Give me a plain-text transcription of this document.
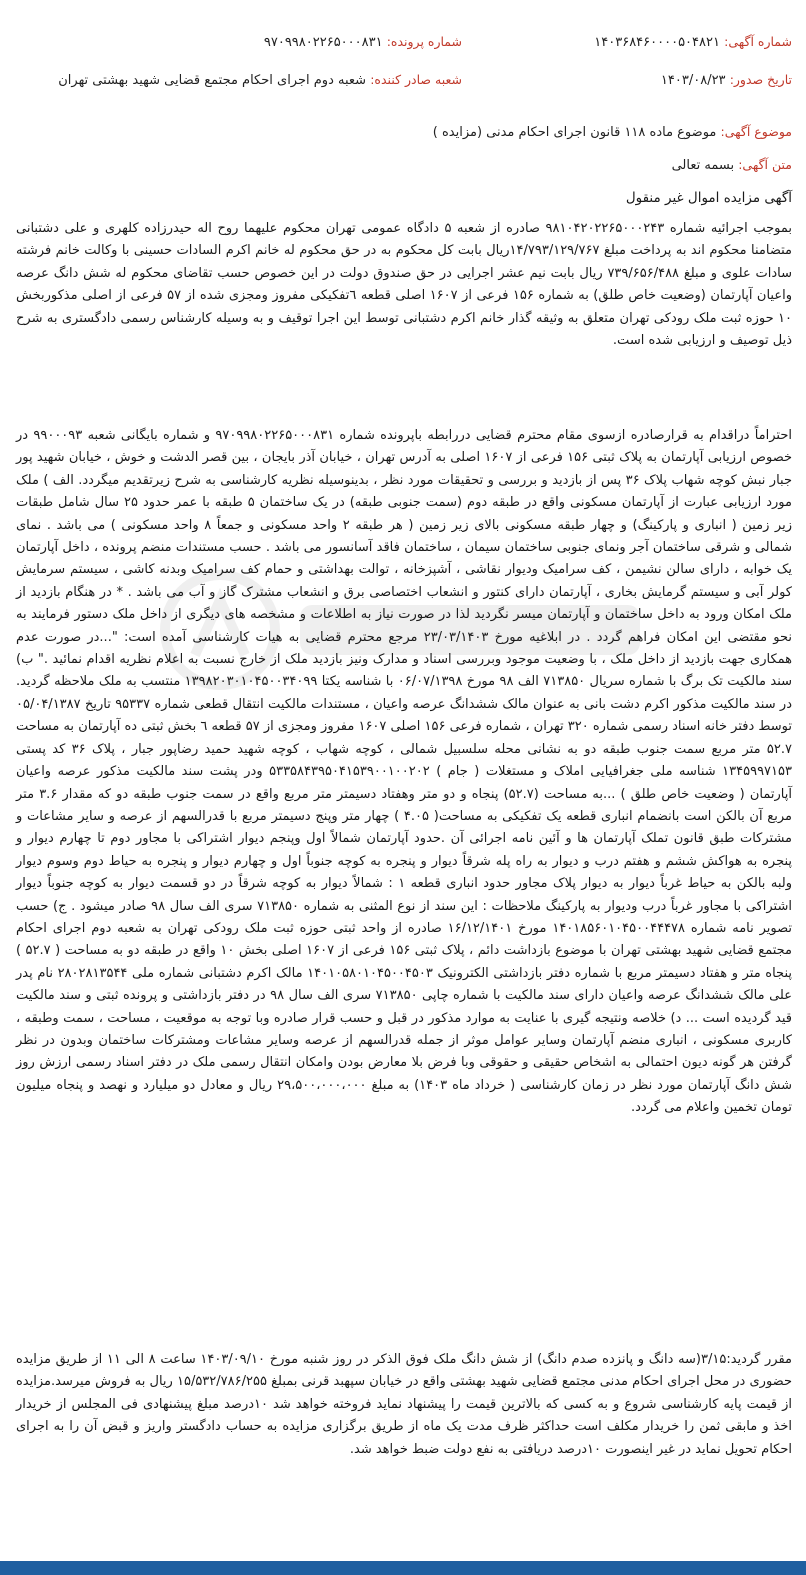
شماره آگهی: ۱۴۰۳۶۸۴۶۰۰۰۰۵۰۴۸۲۱
شماره پرونده: ۹۷۰۹۹۸۰۲۲۶۵۰۰۰۸۳۱
تاریخ صدور: ۱۴۰۳/۰۸/۲۳
شعبه صادر کننده: شعبه دوم اجرای احکام مجتمع قضایی شهید بهشتی تهران
موضوع آگهی: موضوع ماده ۱۱۸ قانون اجرای احکام مدنی (مزایده )
متن آگهی: بسمه تعالی
آگهی مزایده اموال غیر منقول

بموجب اجرائیه شماره ۹۸۱۰۴۲۰۲۲۶۵۰۰۰۲۴۳ صادره از شعبه ۵ دادگاه عمومی تهران محکوم علیهما روح اله حیدرزاده کلهری و علی دشتبانی متضامنا محکوم اند به پرداخت مبلغ ۱۴/۷۹۳/۱۲۹/۷۶۷ریال بابت کل محکوم به در حق محکوم له خانم اکرم السادات حسینی با وکالت خانم فرشته سادات علوی و مبلغ ۷۳۹/۶۵۶/۴۸۸ ریال بابت نیم عشر اجرایی در حق صندوق دولت در این خصوص حسب تقاضای محکوم له شش دانگ عرصه واعیان آپارتمان (وضعیت خاص طلق) به شماره ۱۵۶ فرعی از ۱۶۰۷ اصلی قطعه ٦تفکیکی مفروز ومجزی شده از ۵۷ فرعی از اصلی مذکوربخش ۱۰ حوزه ثبت ملک رودکی تهران متعلق به وثیقه گذار خانم اکرم دشتبانی توسط این اجرا توقیف و به وسیله کارشناس رسمی دادگستری به شرح ذیل توصیف و ارزیابی شده است.

احتراماً دراقدام به قرارصادره ازسوی مقام محترم قضایی دررابطه باپرونده شماره ۹۷۰۹۹۸۰۲۲۶۵۰۰۰۸۳۱ و شماره بایگانی شعبه ۹۹۰۰۰۹۳ در خصوص ارزیابی آپارتمان به پلاک ثبتی ۱۵۶ فرعی از ۱۶۰۷ اصلی به آدرس تهران ، خیابان آذر بایجان ، بین قصر الدشت و خوش ، خیابان شهید پور جبار نبش کوچه شهاب پلاک ۳۶ پس از بازدید و بررسی و تحقیقات مورد نظر ، بدینوسیله نظریه کارشناسی به شرح زیرتقدیم میگردد. الف ) ملک مورد ارزیابی عبارت از آپارتمان مسکونی واقع در طبقه دوم (سمت جنوبی طبقه) در یک ساختمان ۵ طبقه با عمر حدود ۲۵ سال شامل طبقات زیر زمین ( انباری و پارکینگ) و چهار طبقه مسکونی بالای زیر زمین ( هر طبقه ۲ واحد مسکونی و جمعاً ۸ واحد مسکونی ) می باشد . نمای شمالی و شرقی ساختمان آجر ونمای جنوبی ساختمان سیمان ، ساختمان فاقد آسانسور می باشد . حسب مستندات منضم پرونده ، داخل آپارتمان یک خوابه ، دارای سالن نشیمن ، کف سرامیک ودیوار نقاشی ، آشپزخانه ، توالت بهداشتی و حمام کف سرامیک وبدنه کاشی ، سیستم سرمایش کولر آبی و سیستم گرمایش بخاری ، آپارتمان دارای کنتور و انشعاب اختصاصی برق و انشعاب مشترک گاز و آب می باشد . * در هنگام بازدید از ملک امکان ورود به داخل ساختمان و آپارتمان میسر نگردید لذا در صورت نیاز به اطلاعات و مشخصه های دیگری از داخل ملک دستور فرمایند به نحو مقتضی این امکان فراهم گردد . در ابلاغیه مورخ ۲۳/۰۳/۱۴۰۳ مرجع محترم قضایی به هیات کارشناسی آمده است: "...در صورت عدم همکاری جهت بازدید از داخل ملک ، با وضعیت موجود وبررسی اسناد و مدارک ونیز بازدید ملک از خارج نسبت به اعلام نظریه اقدام نمائید ." ب) سند مالکیت تک برگ با شماره سریال ۷۱۳۸۵۰ الف ۹۸ مورخ ۰۶/۰۷/۱۳۹۸ با شناسه یکتا ۱۳۹۸۲۰۳۰۱۰۴۵۰۰۳۴۰۹۹ منتسب به ملک ملاحظه گردید. در سند مالکیت مذکور اکرم دشت بانی به عنوان مالک ششدانگ عرصه واعیان ، مستندات مالکیت انتقال قطعی شماره ۹۵۳۳۷ تاریخ ۰۵/۰۴/۱۳۸۷ توسط دفتر خانه اسناد رسمی شماره ۳۲۰ تهران ، شماره فرعی ۱۵۶ اصلی ۱۶۰۷ مفروز ومجزی از ۵۷ قطعه ٦ بخش ثبتی ده آپارتمان به مساحت ۵۲.۷ متر مربع سمت جنوب طبقه دو به نشانی محله سلسبیل شمالی ، کوچه شهاب ، کوچه شهید حمید رضاپور جبار ، پلاک ۳۶ کد پستی ۱۳۴۵۹۹۷۱۵۳ شناسه ملی جغرافیایی املاک و مستغلات ( جام ) ۵۳۳۵۸۴۳۹۵۰۴۱۵۳۹۰۰۱۰۰۲۰۲ ودر پشت سند مالکیت مذکور عرصه واعیان آپارتمان ( وضعیت خاص طلق ) ...به مساحت (۵۲.۷) پنجاه و دو متر وهفتاد دسیمتر متر مربع واقع در سمت جنوب طبقه دو که مقدار ۳.۶ متر مربع آن بالکن است بانضمام انباری قطعه یک تفکیکی به مساحت( ۴.۰۵ ) چهار متر وپنج دسیمتر مربع با قدرالسهم از عرصه و سایر مشاعات و مشترکات طبق قانون تملک آپارتمان ها و آئین نامه اجرائی آن .حدود آپارتمان شمالاً اول وپنجم دیوار اشتراکی با مجاور دوم تا چهارم دیوار و پنجره به هواکش ششم و هفتم درب و دیوار به راه پله شرقاً دیوار و پنجره به کوچه جنوباً اول و چهارم دیوار و پنجره به حیاط دوم وسوم دیوار ولبه بالکن به حیاط غرباً دیوار به دیوار پلاک مجاور حدود انباری قطعه ۱ : شمالاً دیوار به کوچه شرقاً در دو قسمت دیوار به کوچه جنوباً دیوار اشتراکی با مجاور غرباً درب ودیوار به پارکینگ ملاحظات : این سند از نوع المثنی به شماره ۷۱۳۸۵۰ سری الف سال ۹۸ صادر میشود . ج) حسب تصویر نامه شماره ۱۴۰۱۸۵۶۰۱۰۴۵۰۰۴۴۴۷۸ مورخ ۱۶/۱۲/۱۴۰۱ صادره از واحد ثبتی حوزه ثبت ملک رودکی تهران به شعبه دوم اجرای احکام مجتمع قضایی شهید بهشتی تهران با موضوع بازداشت دائم ، پلاک ثبتی ۱۵۶ فرعی از ۱۶۰۷ اصلی بخش ۱۰ واقع در طبقه دو به مساحت ( ۵۲.۷ ) پنجاه متر و هفتاد دسیمتر مربع با شماره دفتر بازداشتی الکترونیک ۱۴۰۱۰۵۸۰۱۰۴۵۰۰۴۵۰۳ مالک اکرم دشتبانی شماره ملی ۲۸۰۲۸۱۳۵۴۴ نام پدر علی مالک ششدانگ عرصه واعیان دارای سند مالکیت با شماره چاپی ۷۱۳۸۵۰ سری الف سال ۹۸ در دفتر بازداشتی و پرونده ثبتی و سند مالکیت قید گردیده است ... د) خلاصه ونتیجه گیری با عنایت به موارد مذکور در قبل و حسب قرار صادره وبا توجه به موقعیت ، مساحت ، سمت وطبقه ، کاربری مسکونی ، انباری منضم آپارتمان وسایر عوامل موثر از جمله قدرالسهم از عرصه وسایر مشاعات ومشترکات ساختمان وبدون در نظر گرفتن هر گونه دیون احتمالی به اشخاص حقیقی و حقوقی وبا فرض بلا معارض بودن وامکان انتقال رسمی ملک در دفتر اسناد رسمی ارزش روز شش دانگ آپارتمان مورد نظر در زمان کارشناسی ( خرداد ماه ۱۴۰۳) به مبلغ ۲۹،۵۰۰،۰۰۰،۰۰۰ ریال و معادل دو میلیارد و نهصد و پنجاه میلیون تومان تخمین واعلام می گردد.

مقرر گردید:۳/۱۵(سه دانگ و پانزده صدم دانگ) از شش دانگ ملک فوق الذکر در روز شنبه مورخ ۱۴۰۳/۰۹/۱۰ ساعت ۸ الی ۱۱ از طریق مزایده حضوری در محل اجرای احکام مدنی مجتمع قضایی شهید بهشتی واقع در خیابان سپهبد قرنی بمبلغ ۱۵/۵۳۲/۷۸۶/۲۵۵ ریال به فروش میرسد.مزایده از قیمت پایه کارشناسی شروع و به کسی که بالاترین قیمت را پیشنهاد نماید فروخته خواهد شد ۱۰درصد مبلغ پیشنهادی فی المجلس از خریدار اخذ و مابقی ثمن را خریدار مکلف است حداکثر ظرف مدت یک ماه از طریق برگزاری مزایده به حساب دادگستر واریز و قبض آن را به اجرای احکام تحویل نماید در غیر اینصورت ۱۰درصد دریافتی به نفع دولت ضبط خواهد شد.
